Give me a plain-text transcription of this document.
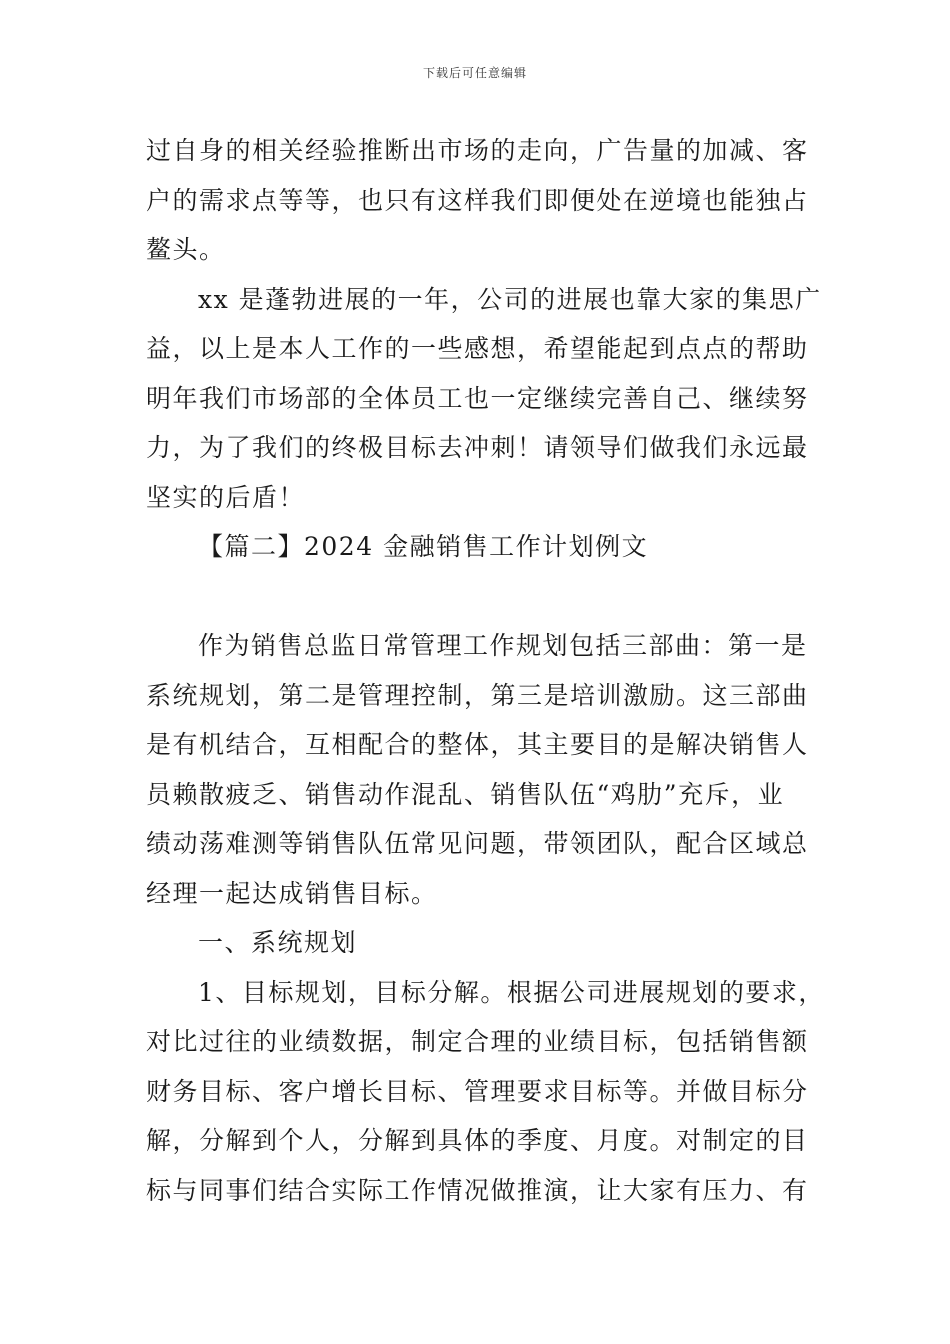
下载后可任意编辑
过自身的相关经验推断出市场的走向，广告量的加减、客
户的需求点等等，也只有这样我们即便处在逆境也能独占
鳌头。
xx 是蓬勃进展的一年，公司的进展也靠大家的集思广
益，以上是本人工作的一些感想，希望能起到点点的帮助
明年我们市场部的全体员工也一定继续完善自己、继续努
力，为了我们的终极目标去冲刺！请领导们做我们永远最
坚实的后盾！
【篇二】2024 金融销售工作计划例文
作为销售总监日常管理工作规划包括三部曲：第一是
系统规划，第二是管理控制，第三是培训激励。这三部曲
是有机结合，互相配合的整体，其主要目的是解决销售人
员赖散疲乏、销售动作混乱、销售队伍“鸡肋”充斥，业
绩动荡难测等销售队伍常见问题，带领团队，配合区域总
经理一起达成销售目标。
一、系统规划
1、目标规划，目标分解。根据公司进展规划的要求，
对比过往的业绩数据，制定合理的业绩目标，包括销售额
财务目标、客户增长目标、管理要求目标等。并做目标分
解，分解到个人，分解到具体的季度、月度。对制定的目
标与同事们结合实际工作情况做推演，让大家有压力、有
